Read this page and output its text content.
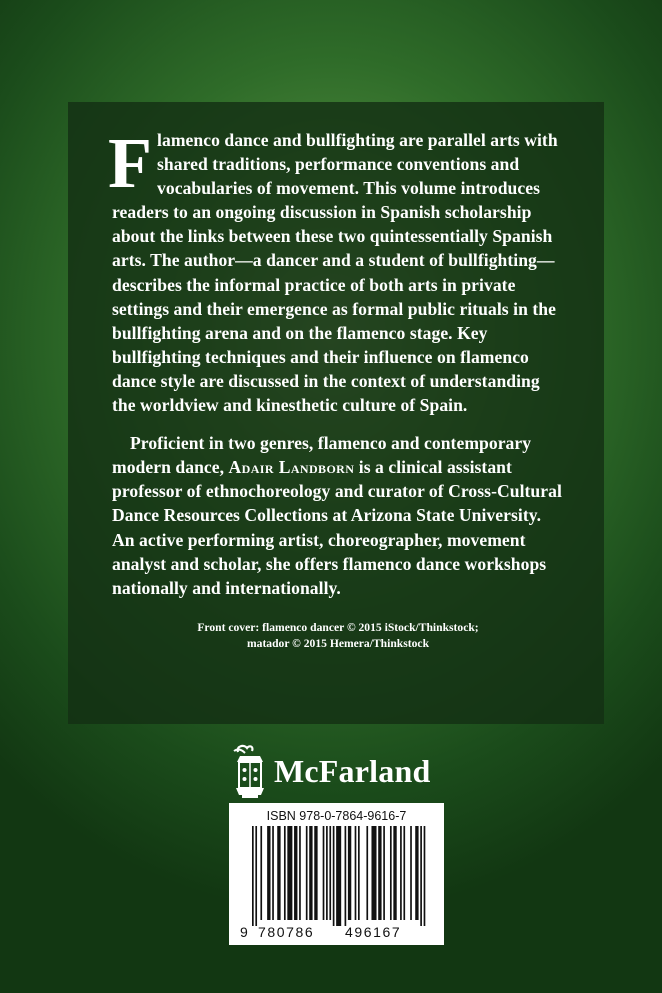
Flamenco dance and bullfighting are parallel arts with shared traditions, performance conventions and vocabularies of movement. This volume introduces readers to an ongoing discussion in Spanish scholarship about the links between these two quintessentially Spanish arts. The author—a dancer and a student of bullfighting—describes the informal practice of both arts in private settings and their emergence as formal public rituals in the bullfighting arena and on the flamenco stage. Key bullfighting techniques and their influence on flamenco dance style are discussed in the context of understanding the worldview and kinesthetic culture of Spain.

Proficient in two genres, flamenco and contemporary modern dance, Adair Landborn is a clinical assistant professor of ethnochoreology and curator of Cross-Cultural Dance Resources Collections at Arizona State University. An active performing artist, choreographer, movement analyst and scholar, she offers flamenco dance workshops nationally and internationally.

Front cover: flamenco dancer © 2015 iStock/Thinkstock;
matador © 2015 Hemera/Thinkstock
McFarland
ISBN 978-0-7864-9616-7
9 780786 496167
